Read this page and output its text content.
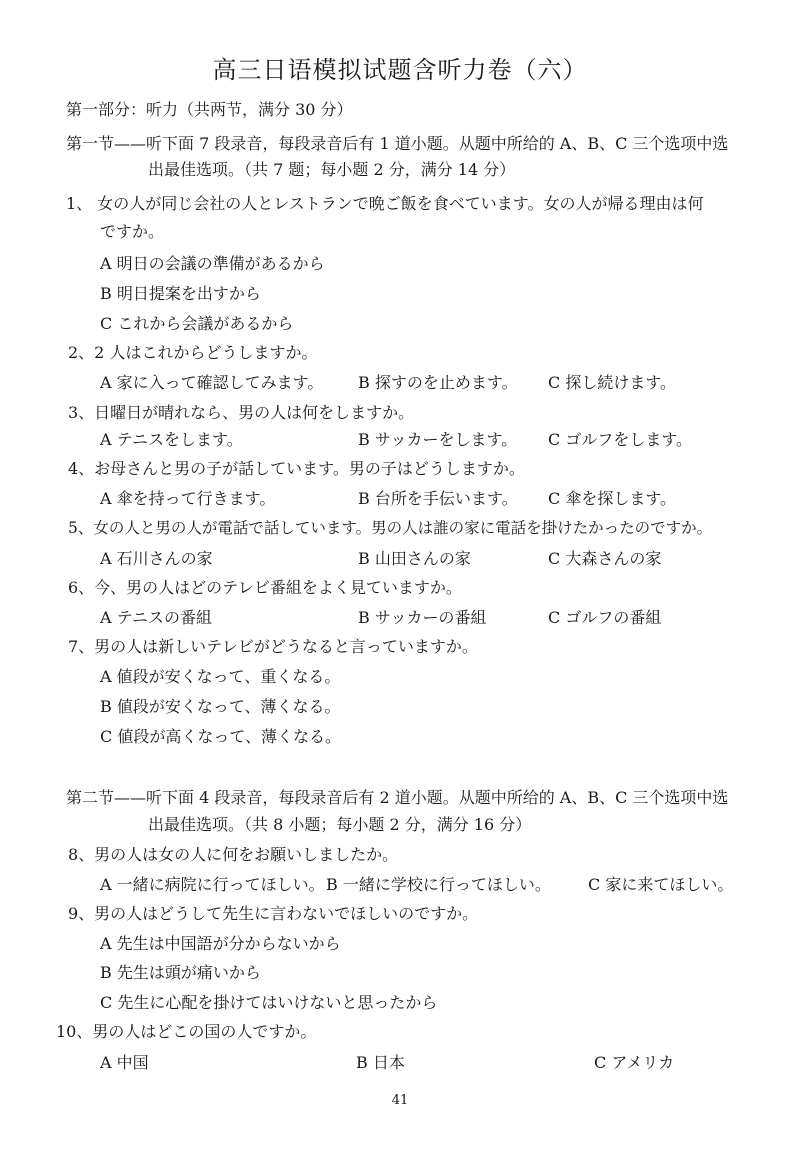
高三日语模拟试题含听力卷（六）
第一部分：听力（共两节，满分 30 分）
第一节——听下面 7 段录音，每段录音后有 1 道小题。从题中所给的 A、B、C 三个选项中选
出最佳选项。（共 7 题；每小题 2 分，满分 14 分）
1、 女の人が同じ会社の人とレストランで晩ご飯を食べています。女の人が帰る理由は何
ですか。
A 明日の会議の準備があるから
B 明日提案を出すから
C これから会議があるから
2、2 人はこれからどうしますか。
A 家に入って確認してみます。 B 探すのを止めます。 C 探し続けます。
3、日曜日が晴れなら、男の人は何をしますか。
A テニスをします。	B サッカーをします。 C ゴルフをします。
4、お母さんと男の子が話しています。男の子はどうしますか。
A 傘を持って行きます。	B 台所を手伝います。 C 傘を探します。
5、女の人と男の人が電話で話しています。男の人は誰の家に電話を掛けたかったのですか。
A 石川さんの家	B 山田さんの家	C 大森さんの家
6、今、男の人はどのテレビ番組をよく見ていますか。
A テニスの番組	B サッカーの番組	C ゴルフの番組
7、男の人は新しいテレビがどうなると言っていますか。
A 値段が安くなって、重くなる。
B 値段が安くなって、薄くなる。
C 値段が高くなって、薄くなる。
第二节——听下面 4 段录音，每段录音后有 2 道小题。从题中所给的 A、B、C 三个选项中选
出最佳选项。（共 8 小题；每小题 2 分，满分 16 分）
8、男の人は女の人に何をお願いしましたか。
A 一緒に病院に行ってほしい。 B 一緒に学校に行ってほしい。 C 家に来てほしい。
9、男の人はどうして先生に言わないでほしいのですか。
A 先生は中国語が分からないから
B 先生は頭が痛いから
C 先生に心配を掛けてはいけないと思ったから
10、男の人はどこの国の人ですか。
A 中国	B 日本	C アメリカ
41
